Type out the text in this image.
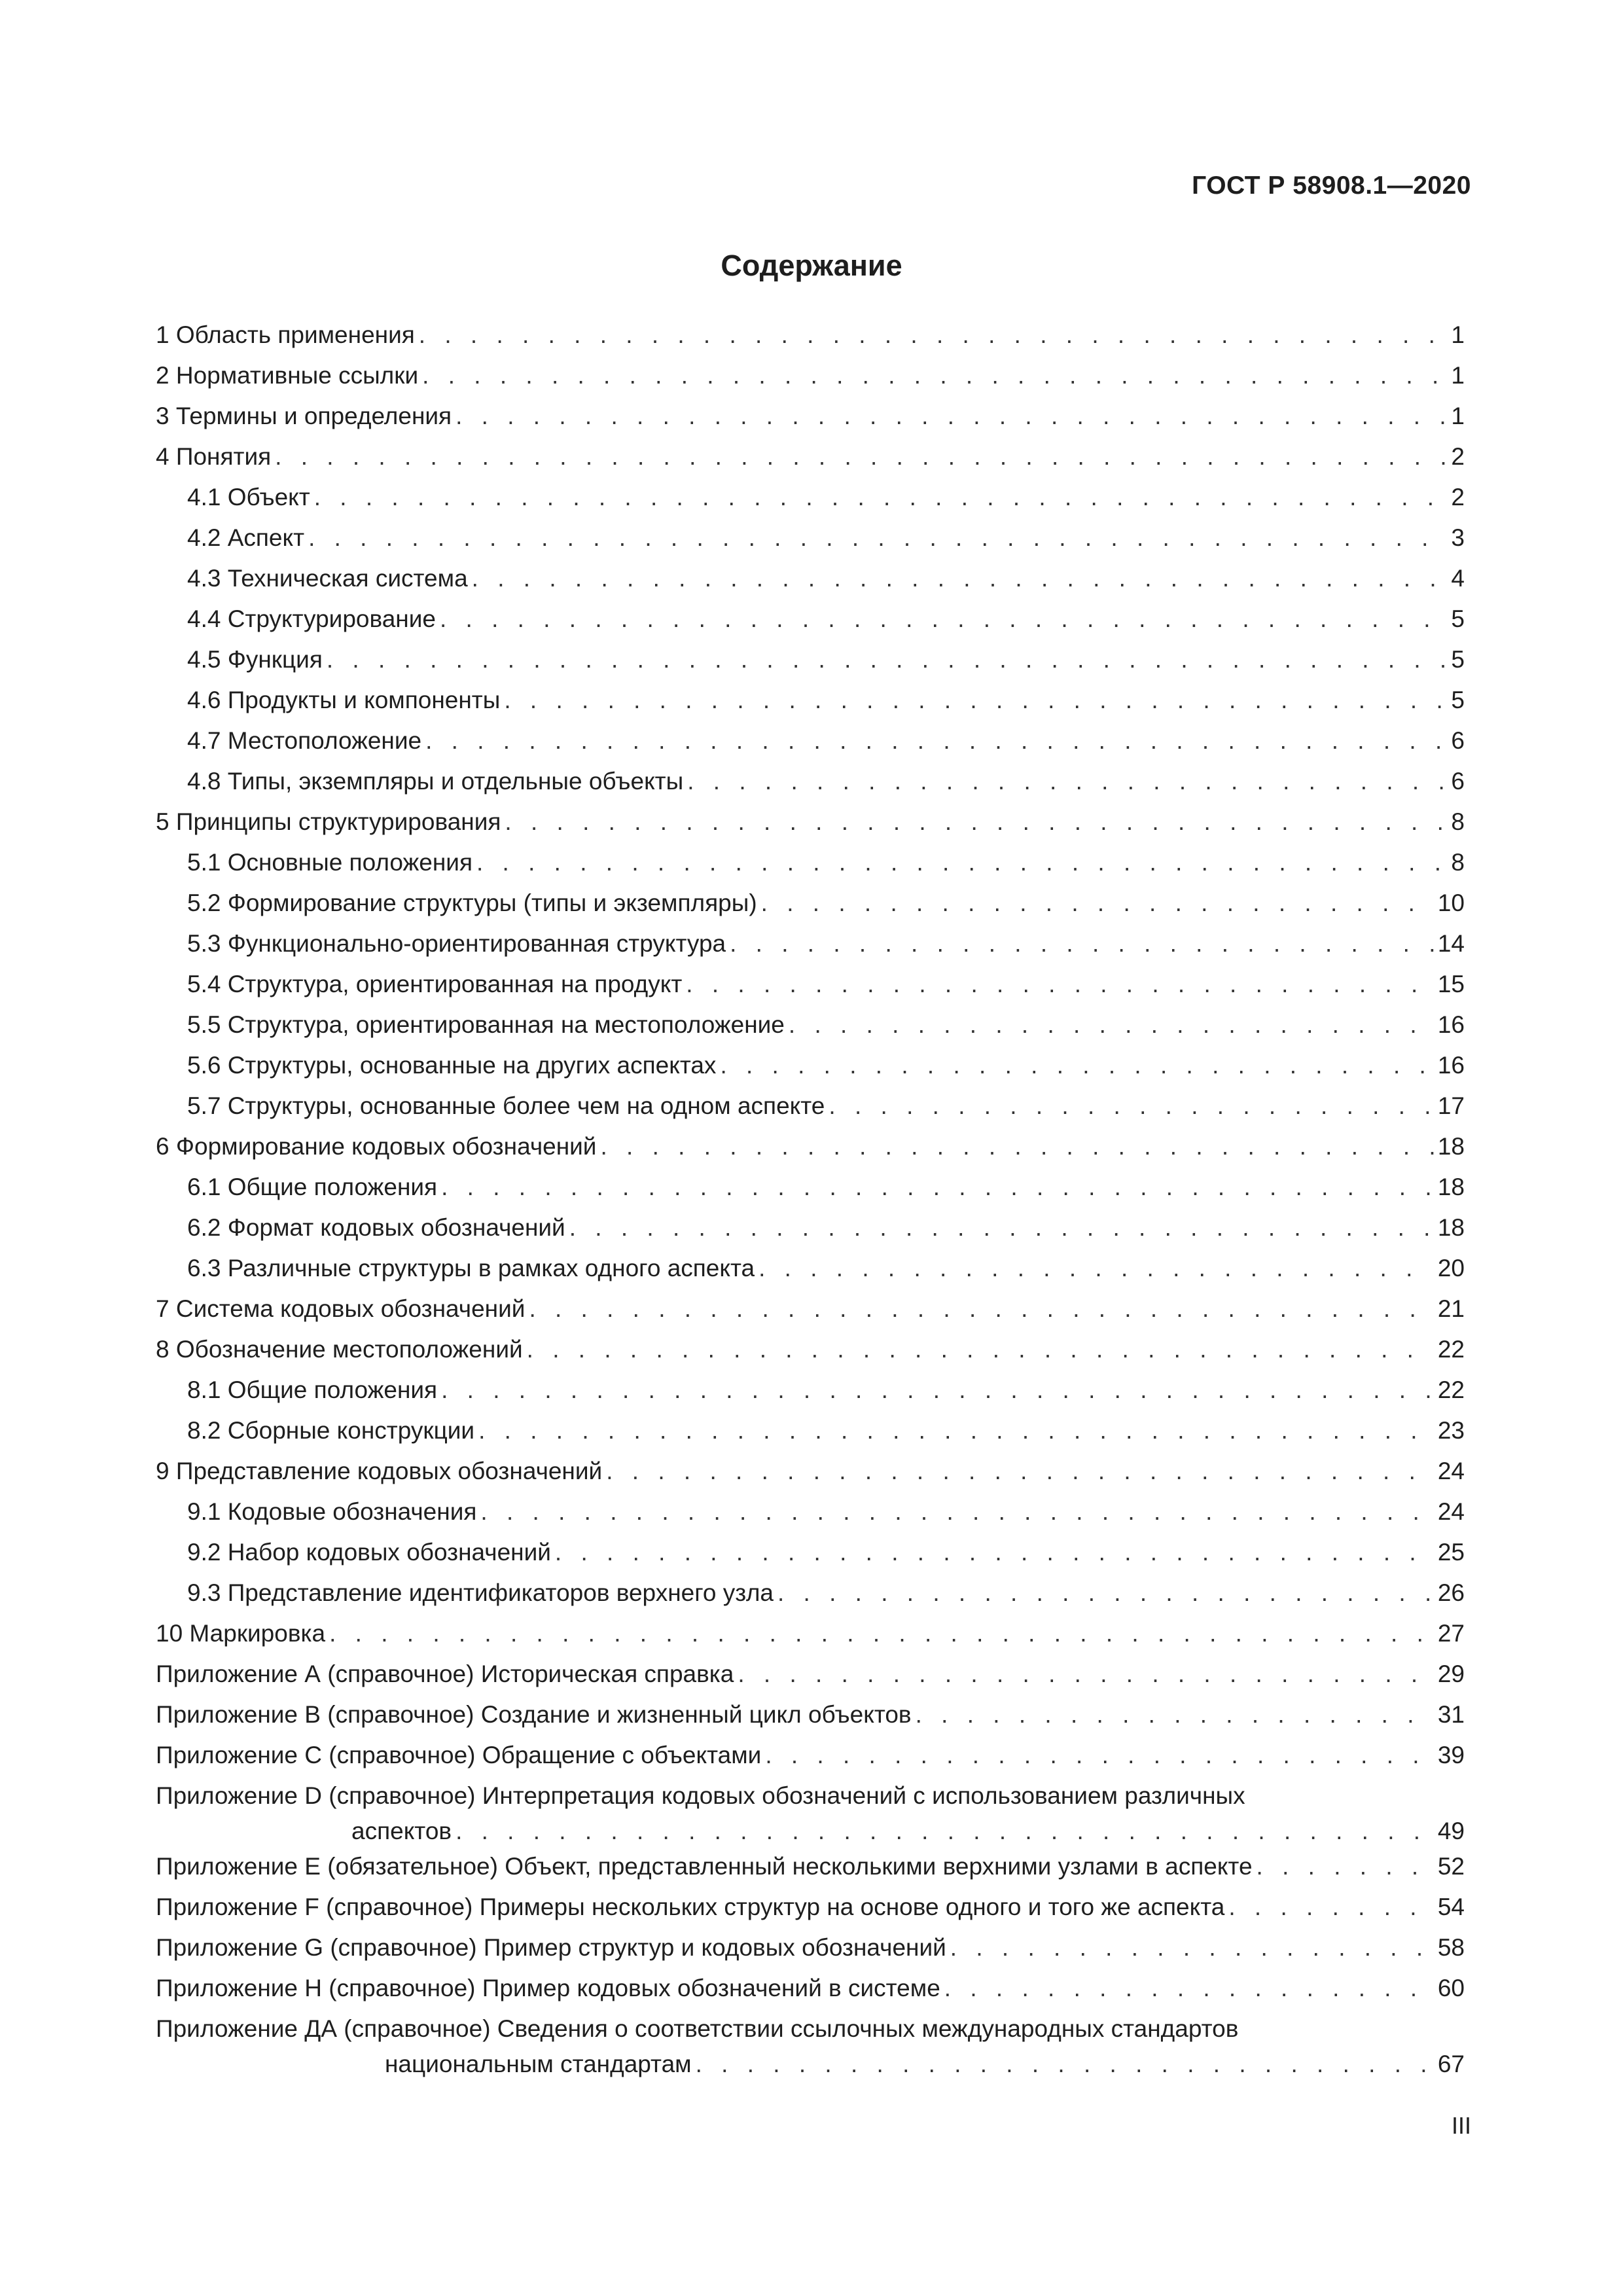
ГОСТ Р 58908.1—2020
Содержание
1 Область применения . . .	1
2 Нормативные ссылки . . .	1
3 Термины и определения . . .	1
4 Понятия . . .	2
4.1 Объект . . .	2
4.2 Аспект . . .	3
4.3 Техническая система . . .	4
4.4 Структурирование . . .	5
4.5 Функция . . .	5
4.6 Продукты и компоненты . . .	5
4.7 Местоположение . . .	6
4.8 Типы, экземпляры и отдельные объекты . . .	6
5 Принципы структурирования . . .	8
5.1 Основные положения . . .	8
5.2 Формирование структуры (типы и экземпляры) . . .	10
5.3 Функционально-ориентированная структура . . .	14
5.4 Структура, ориентированная на продукт . . .	15
5.5 Структура, ориентированная на местоположение . . .	16
5.6 Структуры, основанные на других аспектах . . .	16
5.7 Структуры, основанные более чем на одном аспекте . . .	17
6 Формирование кодовых обозначений . . .	18
6.1 Общие положения . . .	18
6.2 Формат кодовых обозначений . . .	18
6.3 Различные структуры в рамках одного аспекта . . .	20
7 Система кодовых обозначений . . .	21
8 Обозначение местоположений . . .	22
8.1 Общие положения . . .	22
8.2 Сборные конструкции . . .	23
9 Представление кодовых обозначений . . .	24
9.1 Кодовые обозначения . . .	24
9.2 Набор кодовых обозначений . . .	25
9.3 Представление идентификаторов верхнего узла . . .	26
10 Маркировка . . .	27
Приложение А (справочное) Историческая справка . . .	29
Приложение В (справочное) Создание и жизненный цикл объектов . . .	31
Приложение С (справочное) Обращение с объектами . . .	39
Приложение D (справочное) Интерпретация кодовых обозначений с использованием различных
аспектов . . .	49
Приложение Е (обязательное) Объект, представленный несколькими верхними узлами в аспекте . . .	52
Приложение F (справочное) Примеры нескольких структур на основе одного и того же аспекта . . .	54
Приложение G (справочное) Пример структур и кодовых обозначений . . .	58
Приложение Н (справочное) Пример кодовых обозначений в системе . . .	60
Приложение ДА (справочное) Сведения о соответствии ссылочных международных стандартов
национальным стандартам . . .	67
III
